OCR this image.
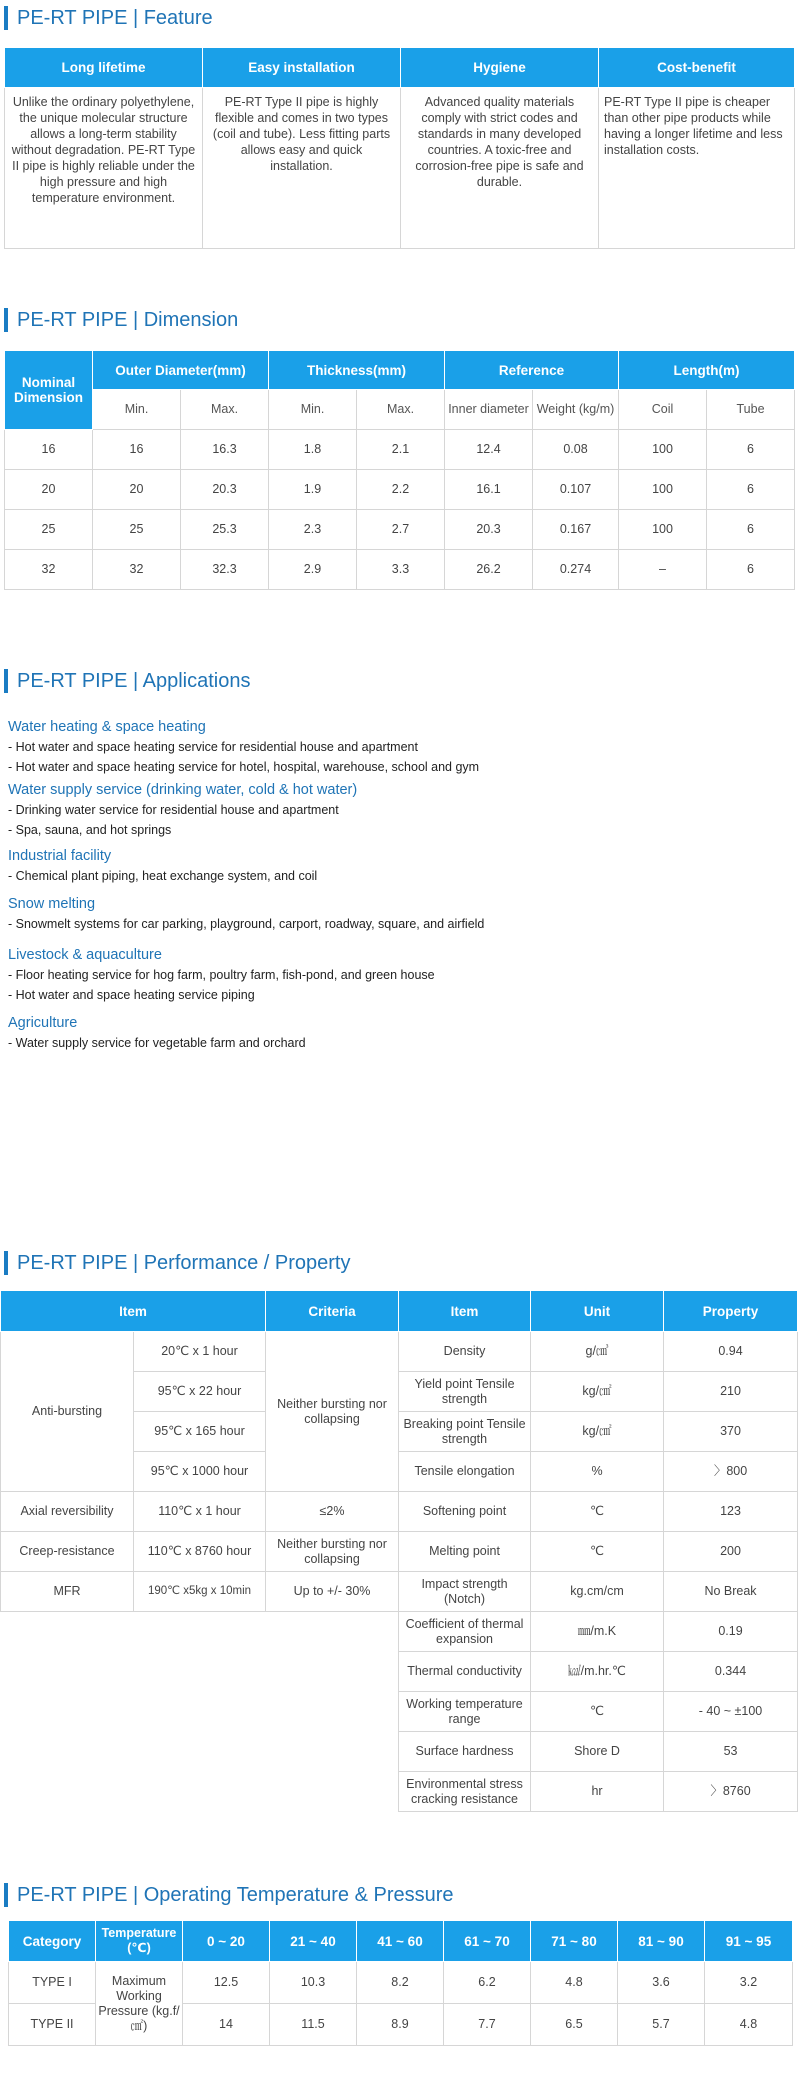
PE-RT PIPE | Feature
Long lifetime	Easy installation	Hygiene	Cost-benefit
Unlike the ordinary polyethylene, the unique molecular structure allows a long-term stability without degradation. PE-RT Type II pipe is highly reliable under the high pressure and high temperature environment.	PE-RT Type II pipe is highly flexible and comes in two types (coil and tube). Less fitting parts allows easy and quick installation.	Advanced quality materials comply with strict codes and standards in many developed countries. A toxic-free and corrosion-free pipe is safe and durable.	PE-RT Type II pipe is cheaper than other pipe products while having a longer lifetime and less installation costs.
PE-RT PIPE | Dimension
Nominal Dimension	Outer Diameter(mm)		Thickness(mm)		Reference		Length(m)	
	Min.	Max.	Min.	Max.	Inner diameter	Weight (kg/m)	Coil	Tube
16	16	16.3	1.8	2.1	12.4	0.08	100	6
20	20	20.3	1.9	2.2	16.1	0.107	100	6
25	25	25.3	2.3	2.7	20.3	0.167	100	6
32	32	32.3	2.9	3.3	26.2	0.274	–	6
PE-RT PIPE | Applications
Water heating & space heating

- Hot water and space heating service for residential house and apartment

- Hot water and space heating service for hotel, hospital, warehouse, school and gym

Water supply service (drinking water, cold & hot water)

- Drinking water service for residential house and apartment

- Spa, sauna, and hot springs

Industrial facility

- Chemical plant piping, heat exchange system, and coil

Snow melting

- Snowmelt systems for car parking, playground, carport, roadway, square, and airfield

Livestock & aquaculture

- Floor heating service for hog farm, poultry farm, fish-pond, and green house

- Hot water and space heating service piping

Agriculture

- Water supply service for vegetable farm and orchard

PE-RT PIPE | Performance / Property
Item		Criteria	Item	Unit	Property
Anti-bursting	20℃ x 1 hour	Neither bursting nor collapsing	Density	g/㎤	0.94
	95℃ x 22 hour		Yield point Tensile strength	kg/㎠	210
	95℃ x 165 hour		Breaking point Tensile strength	kg/㎠	370
	95℃ x 1000 hour		Tensile elongation	%	〉800
Axial reversibility	110℃ x 1 hour	≤2%	Softening point	℃	123
Creep-resistance	110℃ x 8760 hour	Neither bursting nor collapsing	Melting point	℃	200
MFR	190℃ x5kg x 10min	Up to +/- 30%	Impact strength (Notch)	kg.cm/cm	No Break
			Coefficient of thermal expansion	㎜/m.K	0.19
			Thermal conductivity	㎉/m.hr.℃	0.344
			Working temperature range	℃	- 40 ~ ±100
			Surface hardness	Shore D	53
			Environmental stress cracking resistance	hr	〉8760
PE-RT PIPE | Operating Temperature & Pressure
Category	Temperature (℃)	0 ~ 20	21 ~ 40	41 ~ 60	61 ~ 70	71 ~ 80	81 ~ 90	91 ~ 95
TYPE I	Maximum Working Pressure (kg.f/㎠)	12.5	10.3	8.2	6.2	4.8	3.6	3.2
TYPE II		14	11.5	8.9	7.7	6.5	5.7	4.8
